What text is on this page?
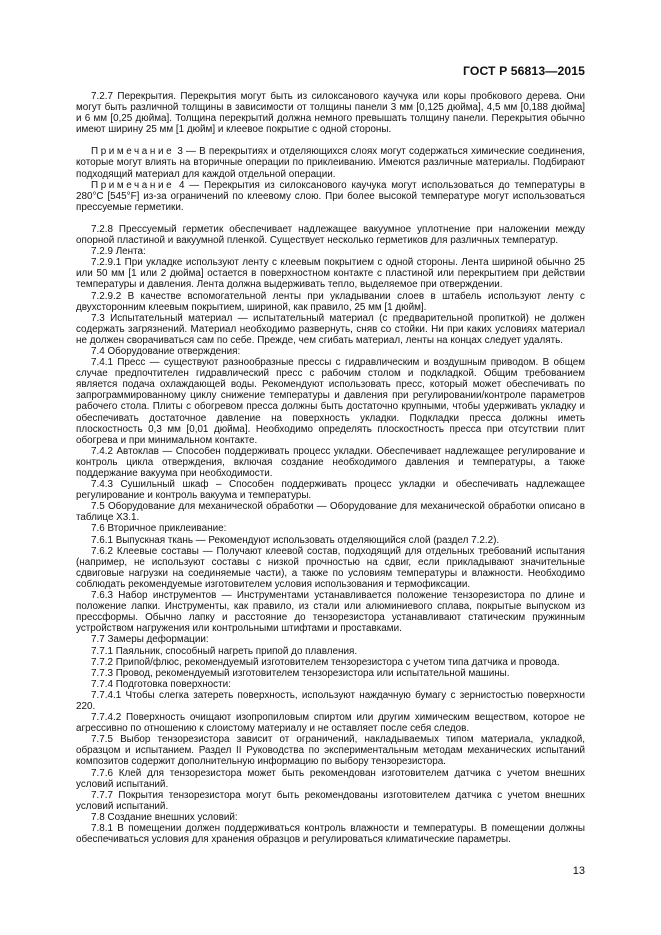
ГОСТ Р 56813—2015

7.2.7 Перекрытия. Перекрытия могут быть из силоксанового каучука или коры пробкового дерева. Они могут быть различной толщины в зависимости от толщины панели 3 мм [0,125 дюйма], 4,5 мм [0,188 дюйма] и 6 мм [0,25 дюйма]. Толщина перекрытий должна немного превышать толщину панели. Перекрытия обычно имеют ширину 25 мм [1 дюйм] и клеевое покрытие с одной стороны.

Примечание 3 — В перекрытиях и отделяющихся слоях могут содержаться химические соединения, которые могут влиять на вторичные операции по приклеиванию. Имеются различные материалы. Подбирают подходящий материал для каждой отдельной операции.

Примечание 4 — Перекрытия из силоксанового каучука могут использоваться до температуры в 280°С [545°F] из-за ограничений по клеевому слою. При более высокой температуре могут использоваться прессуемые герметики.

7.2.8 Прессуемый герметик обеспечивает надлежащее вакуумное уплотнение при наложении между опорной пластиной и вакуумной пленкой. Существует несколько герметиков для различных температур.

7.2.9 Лента:

7.2.9.1 При укладке используют ленту с клеевым покрытием с одной стороны. Лента шириной обычно 25 или 50 мм [1 или 2 дюйма] остается в поверхностном контакте с пластиной или перекрытием при действии температуры и давления. Лента должна выдерживать тепло, выделяемое при отверждении.

7.2.9.2 В качестве вспомогательной ленты при укладывании слоев в штабель используют ленту с двухсторонним клеевым покрытием, шириной, как правило, 25 мм [1 дюйм].

7.3 Испытательный материал — испытательный материал (с предварительной пропиткой) не должен содержать загрязнений. Материал необходимо развернуть, сняв со стойки. Ни при каких условиях материал не должен сворачиваться сам по себе. Прежде, чем сгибать материал, ленты на концах следует удалять.

7.4 Оборудование отверждения:

7.4.1 Пресс — существуют разнообразные прессы с гидравлическим и воздушным приводом. В общем случае предпочтителен гидравлический пресс с рабочим столом и подкладкой. Общим требованием является подача охлаждающей воды. Рекомендуют использовать пресс, который может обеспечивать по запрограммированному циклу снижение температуры и давления при регулировании/контроле параметров рабочего стола. Плиты с обогревом пресса должны быть достаточно крупными, чтобы удерживать укладку и обеспечивать достаточное давление на поверхность укладки. Подкладки пресса должны иметь плоскостность 0,3 мм [0,01 дюйма]. Необходимо определять плоскостность пресса при отсутствии плит обогрева и при минимальном контакте.

7.4.2 Автоклав — Способен поддерживать процесс укладки. Обеспечивает надлежащее регулирование и контроль цикла отверждения, включая создание необходимого давления и температуры, а также поддержание вакуума при необходимости.

7.4.3 Сушильный шкаф – Способен поддерживать процесс укладки и обеспечивать надлежащее регулирование и контроль вакуума и температуры.

7.5 Оборудование для механической обработки — Оборудование для механической обработки описано в таблице Х3.1.

7.6 Вторичное приклеивание:

7.6.1 Выпускная ткань — Рекомендуют использовать отделяющийся слой (раздел 7.2.2).

7.6.2 Клеевые составы — Получают клеевой состав, подходящий для отдельных требований испытания (например, не используют составы с низкой прочностью на сдвиг, если прикладывают значительные сдвиговые нагрузки на соединяемые части), а также по условиям температуры и влажности. Необходимо соблюдать рекомендуемые изготовителем условия использования и термофиксации.

7.6.3 Набор инструментов — Инструментами устанавливается положение тензорезистора по длине и положение лапки. Инструменты, как правило, из стали или алюминиевого сплава, покрытые выпуском из прессформы. Обычно лапку и расстояние до тензорезистора устанавливают статическим пружинным устройством нагружения или контрольными штифтами и проставками.

7.7 Замеры деформации:

7.7.1 Паяльник, способный нагреть припой до плавления.

7.7.2 Припой/флюс, рекомендуемый изготовителем тензорезистора с учетом типа датчика и провода.

7.7.3 Провод, рекомендуемый изготовителем тензорезистора или испытательной машины.

7.7.4 Подготовка поверхности:

7.7.4.1 Чтобы слегка затереть поверхность, используют наждачную бумагу с зернистостью поверхности 220.

7.7.4.2 Поверхность очищают изопропиловым спиртом или другим химическим веществом, которое не агрессивно по отношению к слоистому материалу и не оставляет после себя следов.

7.7.5 Выбор тензорезистора зависит от ограничений, накладываемых типом материала, укладкой, образцом и испытанием. Раздел II Руководства по экспериментальным методам механических испытаний композитов содержит дополнительную информацию по выбору тензорезистора.

7.7.6 Клей для тензорезистора может быть рекомендован изготовителем датчика с учетом внешних условий испытаний.

7.7.7 Покрытия тензорезистора могут быть рекомендованы изготовителем датчика с учетом внешних условий испытаний.

7.8 Создание внешних условий:

7.8.1 В помещении должен поддерживаться контроль влажности и температуры. В помещении должны обеспечиваться условия для хранения образцов и регулироваться климатические параметры.

13
